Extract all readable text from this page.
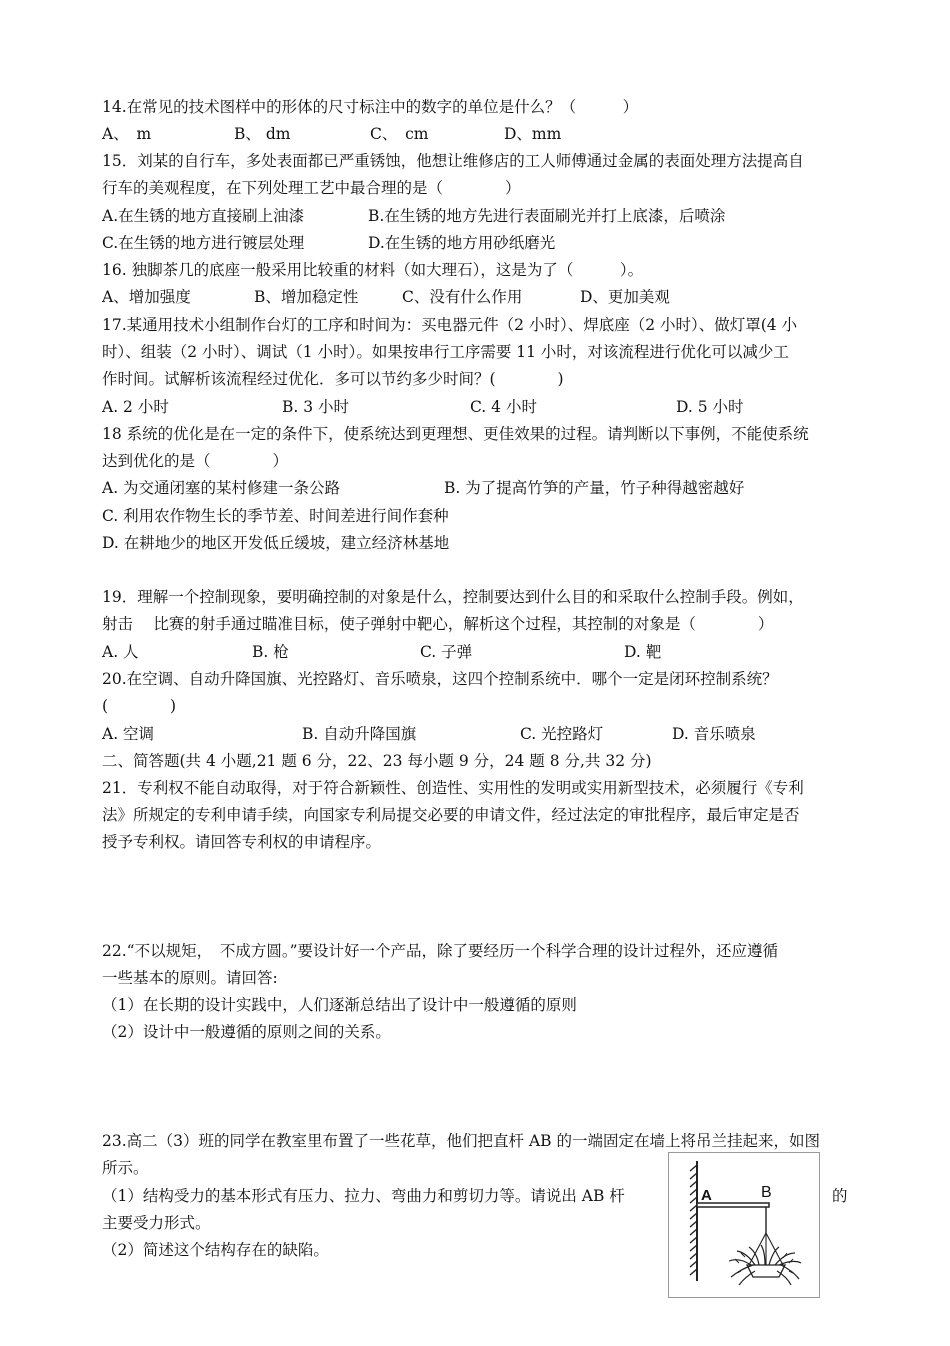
14.在常见的技术图样中的形体的尺寸标注中的数字的单位是什么？（　　　）
A、　m	B、 dm	C、　cm	D、mm
15．刘某的自行车，多处表面都已严重锈蚀，他想让维修店的工人师傅通过金属的表面处理方法提高自
行车的美观程度，在下列处理工艺中最合理的是（　　　　）
A.在生锈的地方直接刷上油漆	B.在生锈的地方先进行表面刷光并打上底漆，后喷涂
C.在生锈的地方进行镀层处理	D.在生锈的地方用砂纸磨光
16. 独脚茶几的底座一般采用比较重的材料（如大理石），这是为了（　　　）。
A、增加强度	B、增加稳定性	C、没有什么作用	D、更加美观
17.某通用技术小组制作台灯的工序和时间为：买电器元件（2 小时）、焊底座（2 小时）、做灯罩(4 小
时）、组装（2 小时）、调试（1 小时）。如果按串行工序需要 11 小时，对该流程进行优化可以减少工
作时间。试解析该流程经过优化．多可以节约多少时间？(　　　　)
A. 2 小时	B. 3 小时	C. 4 小时	D. 5 小时
18 系统的优化是在一定的条件下，使系统达到更理想、更佳效果的过程。请判断以下事例，不能使系统
达到优化的是（　　　　）
A. 为交通闭塞的某村修建一条公路	B. 为了提高竹笋的产量，竹子种得越密越好
C. 利用农作物生长的季节差、时间差进行间作套种
D. 在耕地少的地区开发低丘缓坡，建立经济林基地
19．理解一个控制现象，要明确控制的对象是什么，控制要达到什么目的和采取什么控制手段。例如，
射击　 比赛的射手通过瞄准目标，使子弹射中靶心，解析这个过程，其控制的对象是（　　　　）
A. 人	B. 枪	C. 子弹	D. 靶
20.在空调、自动升降国旗、光控路灯、音乐喷泉，这四个控制系统中．哪个一定是闭环控制系统？
(　　　　)
A. 空调	B. 自动升降国旗	C. 光控路灯	D. 音乐喷泉
二、简答题(共 4 小题,21 题 6 分，22、23 每小题 9 分，24 题 8 分,共 32 分)
21．专利权不能自动取得，对于符合新颖性、创造性、实用性的发明或实用新型技术，必须履行《专利
法》所规定的专利申请手续，向国家专利局提交必要的申请文件，经过法定的审批程序，最后审定是否
授予专利权。请回答专利权的申请程序。
22.“不以规矩，　不成方圆。”要设计好一个产品，除了要经历一个科学合理的设计过程外，还应遵循
一些基本的原则。请回答:
（1）在长期的设计实践中，人们逐渐总结出了设计中一般遵循的原则
（2）设计中一般遵循的原则之间的关系。
23.高二（3）班的同学在教室里布置了一些花草，他们把直杆 AB 的一端固定在墙上将吊兰挂起来，如图
所示。
（1）结构受力的基本形式有压力、拉力、弯曲力和剪切力等。请说出 AB 杆	的
主要受力形式。
（2）简述这个结构存在的缺陷。
A	B
